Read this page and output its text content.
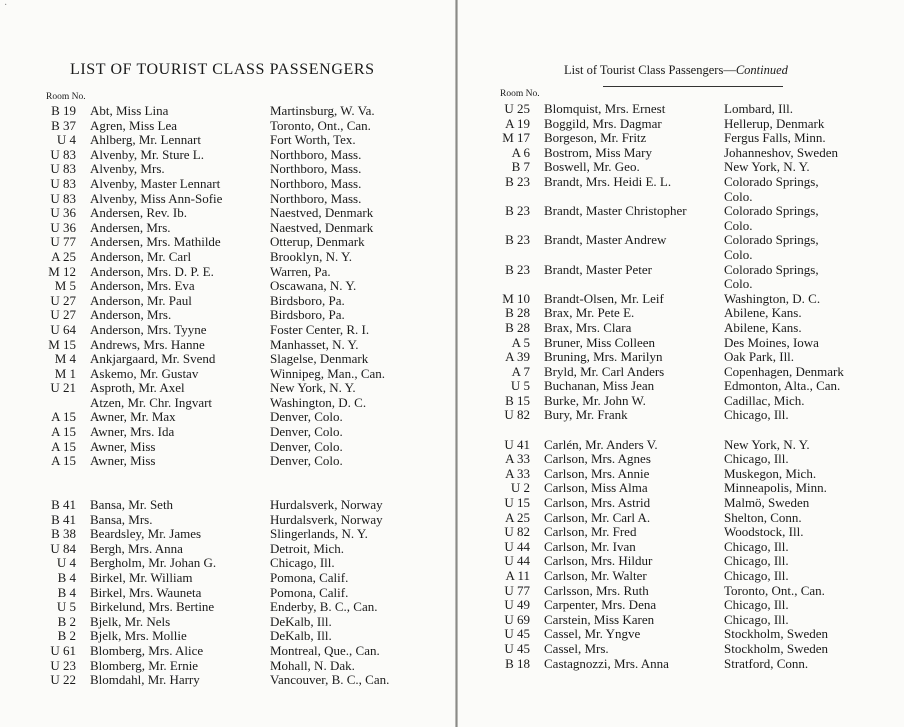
·
LIST OF TOURIST CLASS PASSENGERS
Room No.
B 19 Abt, Miss Lina	Martinsburg, W. Va.
B 37 Agren, Miss Lea	Toronto, Ont., Can.
U 4 Ahlberg, Mr. Lennart	Fort Worth, Tex.
U 83 Alvenby, Mr. Sture L.	Northboro, Mass.
U 83 Alvenby, Mrs.	Northboro, Mass.
U 83 Alvenby, Master Lennart	Northboro, Mass.
U 83 Alvenby, Miss Ann-Sofie	Northboro, Mass.
U 36 Andersen, Rev. Ib.	Naestved, Denmark
U 36 Andersen, Mrs.	Naestved, Denmark
U 77 Andersen, Mrs. Mathilde	Otterup, Denmark
A 25 Anderson, Mr. Carl	Brooklyn, N. Y.
M 12 Anderson, Mrs. D. P. E.	Warren, Pa.
M 5 Anderson, Mrs. Eva	Oscawana, N. Y.
U 27 Anderson, Mr. Paul	Birdsboro, Pa.
U 27 Anderson, Mrs.	Birdsboro, Pa.
U 64 Anderson, Mrs. Tyyne	Foster Center, R. I.
M 15 Andrews, Mrs. Hanne	Manhasset, N. Y.
M 4 Ankjargaard, Mr. Svend	Slagelse, Denmark
M 1 Askemo, Mr. Gustav	Winnipeg, Man., Can.
U 21 Asproth, Mr. Axel	New York, N. Y.
Atzen, Mr. Chr. Ingvart	Washington, D. C.
A 15 Awner, Mr. Max	Denver, Colo.
A 15 Awner, Mrs. Ida	Denver, Colo.
A 15 Awner, Miss	Denver, Colo.
A 15 Awner, Miss	Denver, Colo.
B 41 Bansa, Mr. Seth	Hurdalsverk, Norway
B 41 Bansa, Mrs.	Hurdalsverk, Norway
B 38 Beardsley, Mr. James	Slingerlands, N. Y.
U 84 Bergh, Mrs. Anna	Detroit, Mich.
U 4 Bergholm, Mr. Johan G.	Chicago, Ill.
B 4 Birkel, Mr. William	Pomona, Calif.
B 4 Birkel, Mrs. Wauneta	Pomona, Calif.
U 5 Birkelund, Mrs. Bertine	Enderby, B. C., Can.
B 2 Bjelk, Mr. Nels	DeKalb, Ill.
B 2 Bjelk, Mrs. Mollie	DeKalb, Ill.
U 61 Blomberg, Mrs. Alice	Montreal, Que., Can.
U 23 Blomberg, Mr. Ernie	Mohall, N. Dak.
U 22 Blomdahl, Mr. Harry	Vancouver, B. C., Can.
List of Tourist Class Passengers—Continued
Room No.
U 25 Blomquist, Mrs. Ernest	Lombard, Ill.
A 19 Boggild, Mrs. Dagmar	Hellerup, Denmark
M 17 Borgeson, Mr. Fritz	Fergus Falls, Minn.
A 6 Bostrom, Miss Mary	Johanneshov, Sweden
B 7 Boswell, Mr. Geo.	New York, N. Y.
B 23 Brandt, Mrs. Heidi E. L.	Colorado Springs,
Colo.
B 23 Brandt, Master Christopher	Colorado Springs,
Colo.
B 23 Brandt, Master Andrew	Colorado Springs,
Colo.
B 23 Brandt, Master Peter	Colorado Springs,
Colo.
M 10 Brandt-Olsen, Mr. Leif	Washington, D. C.
B 28 Brax, Mr. Pete E.	Abilene, Kans.
B 28 Brax, Mrs. Clara	Abilene, Kans.
A 5 Bruner, Miss Colleen	Des Moines, Iowa
A 39 Bruning, Mrs. Marilyn	Oak Park, Ill.
A 7 Bryld, Mr. Carl Anders	Copenhagen, Denmark
U 5 Buchanan, Miss Jean	Edmonton, Alta., Can.
B 15 Burke, Mr. John W.	Cadillac, Mich.
U 82 Bury, Mr. Frank	Chicago, Ill.
U 41 Carlén, Mr. Anders V.	New York, N. Y.
A 33 Carlson, Mrs. Agnes	Chicago, Ill.
A 33 Carlson, Mrs. Annie	Muskegon, Mich.
U 2 Carlson, Miss Alma	Minneapolis, Minn.
U 15 Carlson, Mrs. Astrid	Malmö, Sweden
A 25 Carlson, Mr. Carl A.	Shelton, Conn.
U 82 Carlson, Mr. Fred	Woodstock, Ill.
U 44 Carlson, Mr. Ivan	Chicago, Ill.
U 44 Carlson, Mrs. Hildur	Chicago, Ill.
A 11 Carlson, Mr. Walter	Chicago, Ill.
U 77 Carlsson, Mrs. Ruth	Toronto, Ont., Can.
U 49 Carpenter, Mrs. Dena	Chicago, Ill.
U 69 Carstein, Miss Karen	Chicago, Ill.
U 45 Cassel, Mr. Yngve	Stockholm, Sweden
U 45 Cassel, Mrs.	Stockholm, Sweden
B 18 Castagnozzi, Mrs. Anna	Stratford, Conn.
